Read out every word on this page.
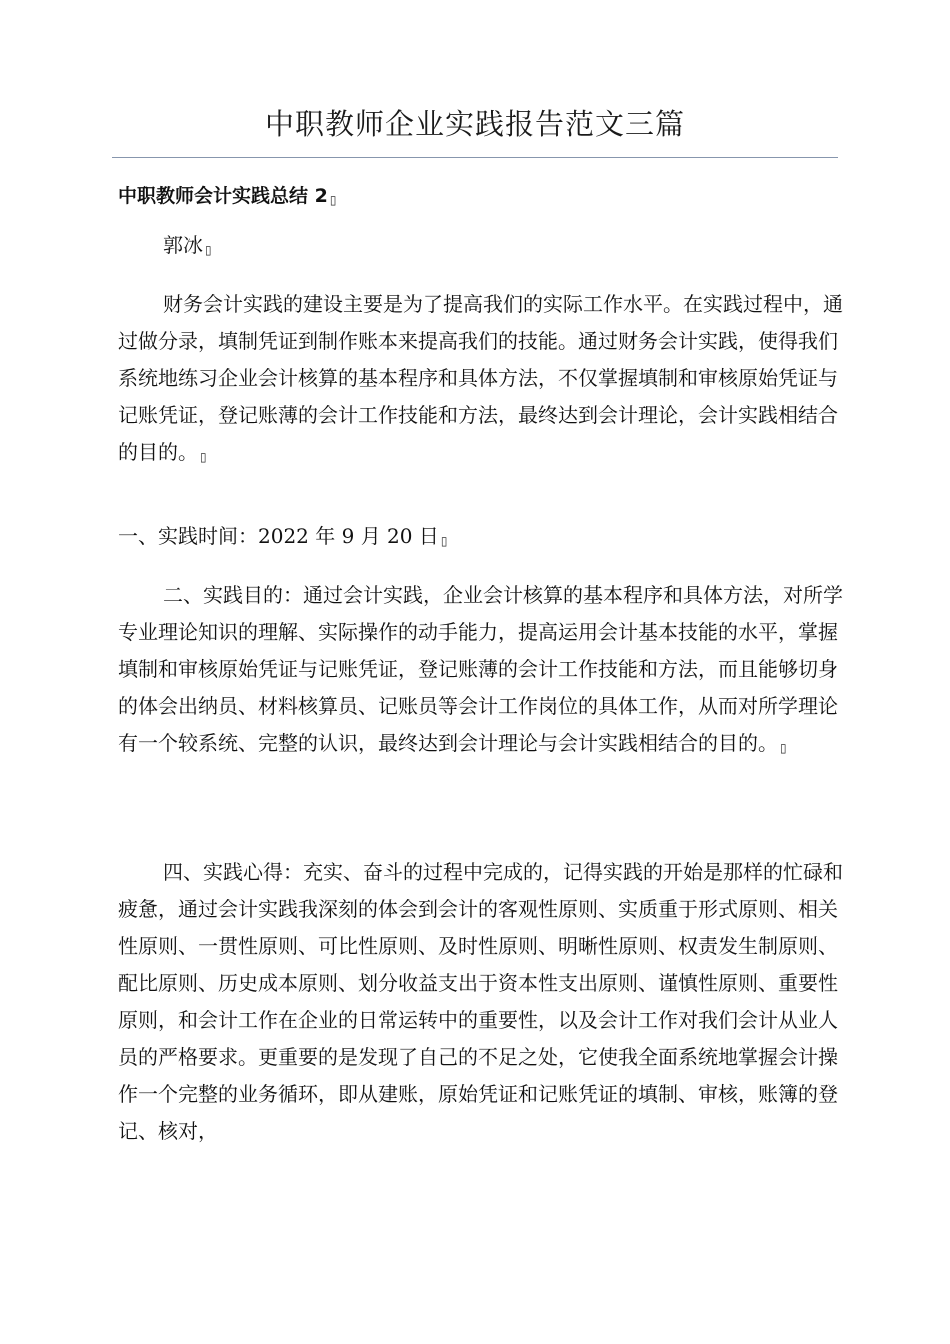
中职教师企业实践报告范文三篇
中职教师会计实践总结 2 ▯
郭冰 ▯
财务会计实践的建设主要是为了提高我们的实际工作水平。在实践过程中，通过做分录，填制凭证到制作账本来提高我们的技能。通过财务会计实践，使得我们系统地练习企业会计核算的基本程序和具体方法，不仅掌握填制和审核原始凭证与记账凭证，登记账薄的会计工作技能和方法，最终达到会计理论，会计实践相结合的目的。 ▯
一、实践时间：2022 年 9 月 20 日 ▯
二、实践目的：通过会计实践，企业会计核算的基本程序和具体方法，对所学专业理论知识的理解、实际操作的动手能力，提高运用会计基本技能的水平，掌握填制和审核原始凭证与记账凭证，登记账薄的会计工作技能和方法，而且能够切身的体会出纳员、材料核算员、记账员等会计工作岗位的具体工作，从而对所学理论有一个较系统、完整的认识，最终达到会计理论与会计实践相结合的目的。 ▯
四、实践心得：充实、奋斗的过程中完成的，记得实践的开始是那样的忙碌和疲惫，通过会计实践我深刻的体会到会计的客观性原则、实质重于形式原则、相关性原则、一贯性原则、可比性原则、及时性原则、明晰性原则、权责发生制原则、配比原则、历史成本原则、划分收益支出于资本性支出原则、谨慎性原则、重要性原则，和会计工作在企业的日常运转中的重要性，以及会计工作对我们会计从业人员的严格要求。更重要的是发现了自己的不足之处，它使我全面系统地掌握会计操作一个完整的业务循环，即从建账，原始凭证和记账凭证的填制、审核，账簿的登记、核对，
